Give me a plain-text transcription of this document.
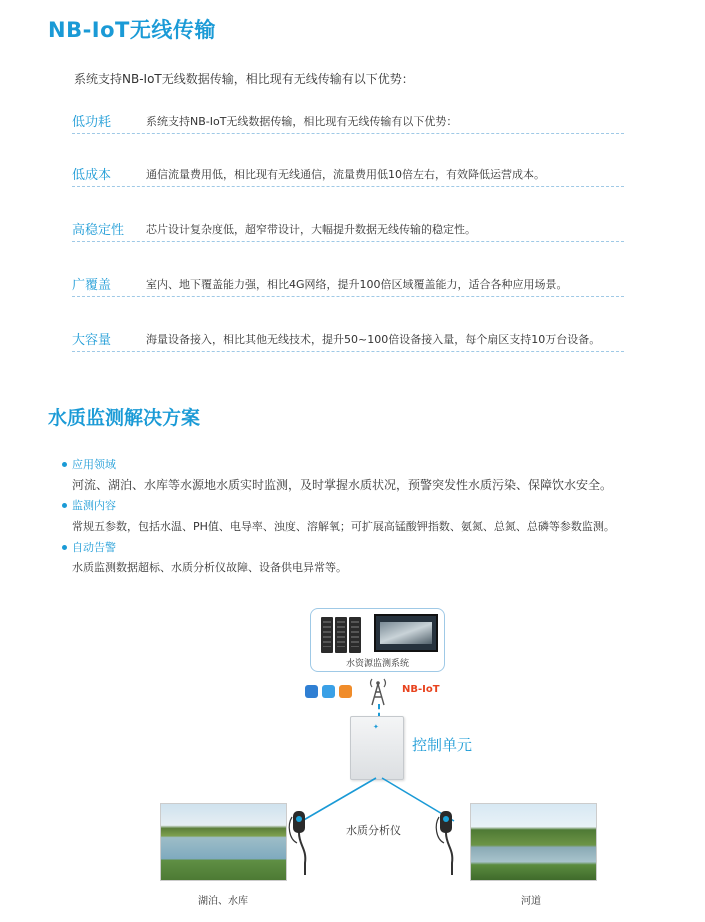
NB-IoT无线传输
系统支持NB-IoT无线数据传输，相比现有无线传输有以下优势：
低功耗	系统支持NB-IoT无线数据传输，相比现有无线传输有以下优势：
低成本	通信流量费用低，相比现有无线通信，流量费用低10倍左右，有效降低运营成本。
高稳定性 芯片设计复杂度低，超窄带设计，大幅提升数据无线传输的稳定性。
广覆盖	室内、地下覆盖能力强，相比4G网络，提升100倍区域覆盖能力，适合各种应用场景。
大容量	海量设备接入，相比其他无线技术，提升50~100倍设备接入量，每个扇区支持10万台设备。
水质监测解决方案
应用领域
河流、湖泊、水库等水源地水质实时监测，及时掌握水质状况，预警突发性水质污染、保障饮水安全。
监测内容
常规五参数，包括水温、PH值、电导率、浊度、溶解氧；可扩展高锰酸钾指数、氨氮、总氮、总磷等参数监测。
自动告警
水质监测数据超标、水质分析仪故障、设备供电异常等。
水资源监测系统
NB-IoT
✦
控制单元
水质分析仪
湖泊、水库	河道
